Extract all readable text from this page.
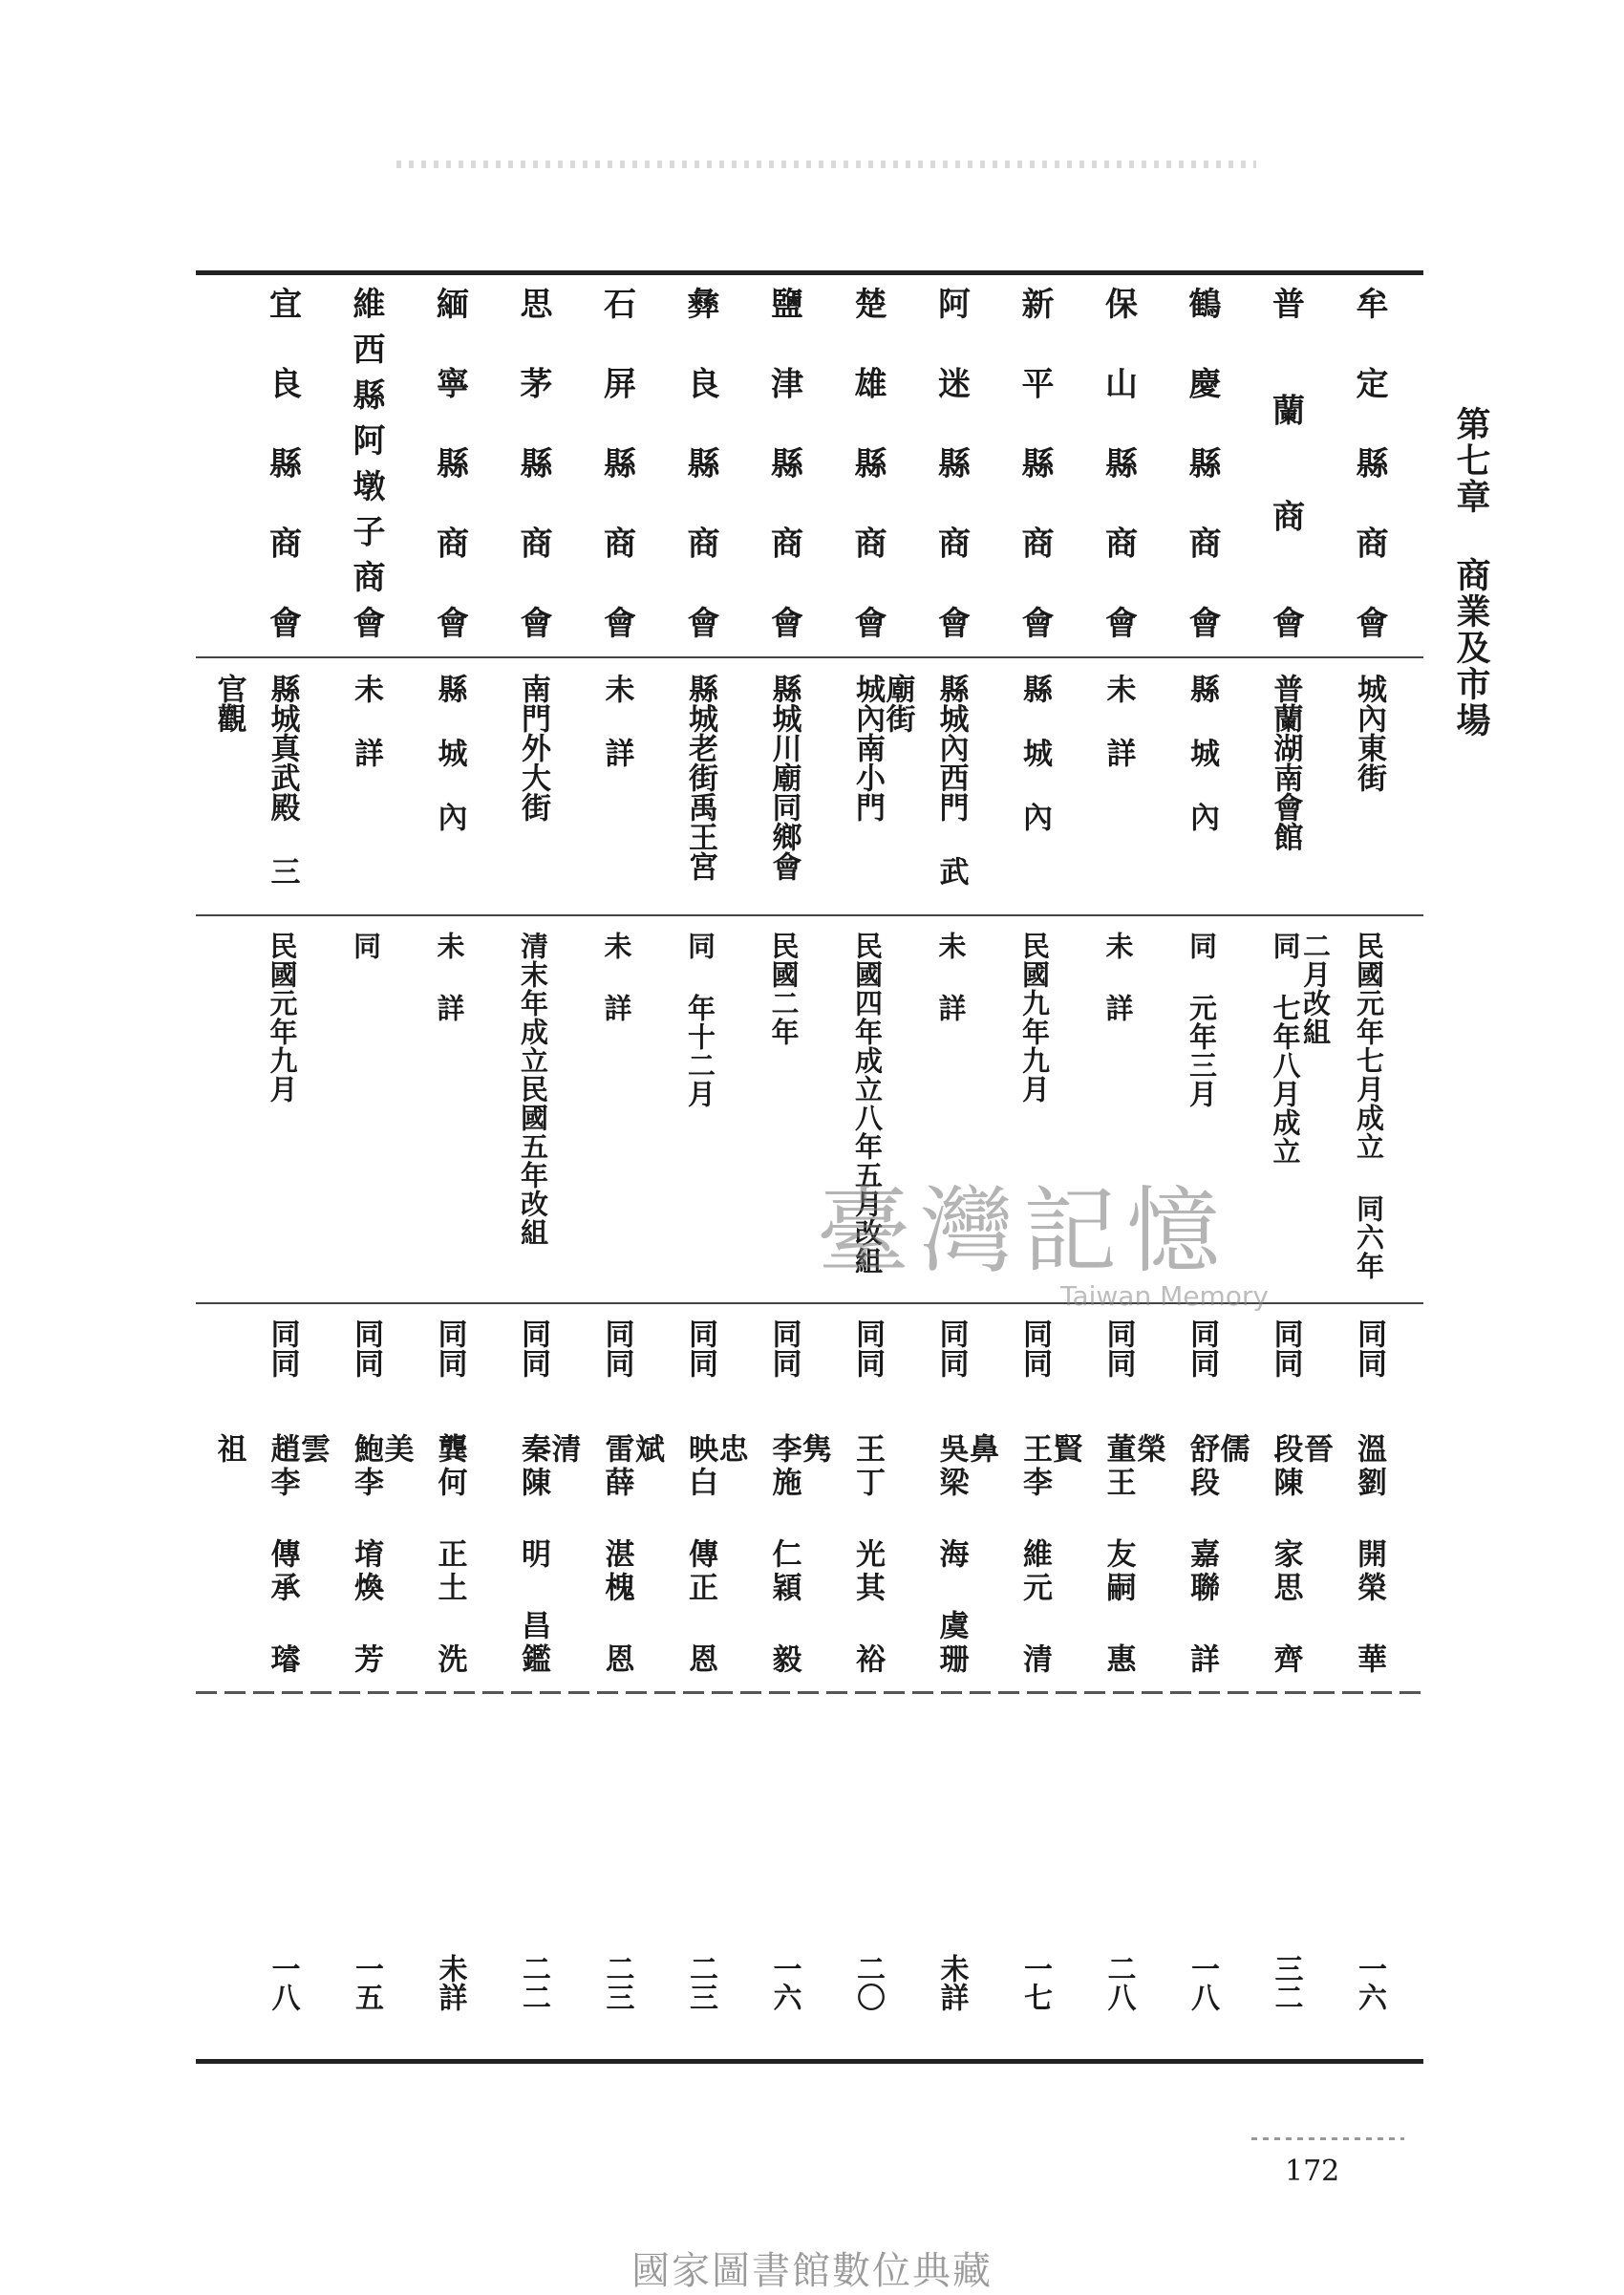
牟定縣商會
城內東街
民國元年七月成立 同六年二月改組
同同
溫劉 開榮 華晉
一六
普 蘭 商 會
普蘭湖南會館
同 七年八月成立
同同
段陳 家思 齊儒
三二
鶴慶縣商會
縣 城 內
同 元年三月
同同
舒段 嘉聯 詳榮
一八
保山縣商會
未 詳
未 詳
同同
董王 友嗣 惠賢
二八
新平縣商會
縣 城 內
民國九年九月
同同
王李 維元 清鼻
一七
阿迷縣商會
縣城內西門 武廟街
未 詳
同同
吳梁 海 虞珊
未詳
楚雄縣商會
城內南小門
民國四年成立八年五月改組
同同
王丁 光其 裕隽
二〇
鹽津縣商會
縣城川廟同鄉會
民國二年
同同
李施 仁穎 毅忠
一六
彝良縣商會
縣城老街禹王宮
同 年十二月
同同
映白 傳正 恩斌
二三
石屏縣商會
未 詳
未 詳
同同
雷薛 湛槐 恩清
二三
思茅縣商會
南門外大街
清末年成立民國五年改組
同同
秦陳 明 昌鑑
二二
緬寧縣商會
縣 城 內
未 詳
同同
龔何 正土 洗美
未詳
維西縣阿墩子商會
未 詳
同
同同
鮑李 堉煥 芳雲
一五
宜良縣商會
縣城真武殿 三官觀
民國元年九月
同同
趙李 傳承 璿祖
一八
第七章 商業及市場
臺灣記憶
Taiwan Memory
172
國家圖書館數位典藏
